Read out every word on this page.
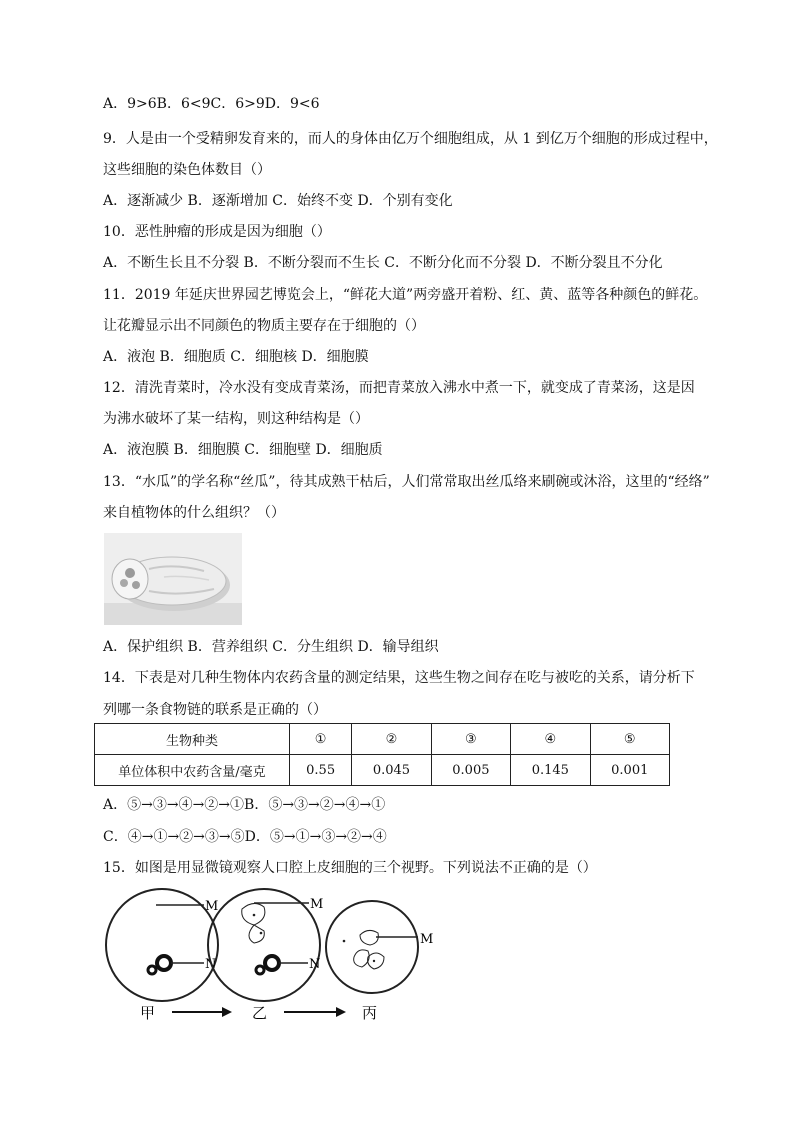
A．9>6B．6<9C．6>9D．9<6
9．人是由一个受精卵发育来的，而人的身体由亿万个细胞组成，从 1 到亿万个细胞的形成过程中，
这些细胞的染色体数目（）
A．逐渐减少 B．逐渐增加 C．始终不变 D．个别有变化
10．恶性肿瘤的形成是因为细胞（）
A．不断生长且不分裂 B．不断分裂而不生长 C．不断分化而不分裂 D．不断分裂且不分化
11．2019 年延庆世界园艺博览会上，“鲜花大道”两旁盛开着粉、红、黄、蓝等各种颜色的鲜花。
让花瓣显示出不同颜色的物质主要存在于细胞的（）
A．液泡 B．细胞质 C．细胞核 D．细胞膜
12．清洗青菜时，冷水没有变成青菜汤，而把青菜放入沸水中煮一下，就变成了青菜汤，这是因
为沸水破坏了某一结构，则这种结构是（）
A．液泡膜 B．细胞膜 C．细胞壁 D．细胞质
13．“水瓜”的学名称“丝瓜”，待其成熟干枯后，人们常常取出丝瓜络来刷碗或沐浴，这里的“经络”
来自植物体的什么组织？（）
A．保护组织 B．营养组织 C．分生组织 D．输导组织
14．下表是对几种生物体内农药含量的测定结果，这些生物之间存在吃与被吃的关系，请分析下
列哪一条食物链的联系是正确的（）
生物种类	①	②	③	④	⑤
单位体积中农药含量/毫克	0.55	0.045	0.005	0.145	0.001
A．⑤→③→④→②→①B．⑤→③→②→④→①
C．④→①→②→③→⑤D．⑤→①→③→②→④
15．如图是用显微镜观察人口腔上皮细胞的三个视野。下列说法不正确的是（）
M
N
M
N
M
甲	乙	丙
